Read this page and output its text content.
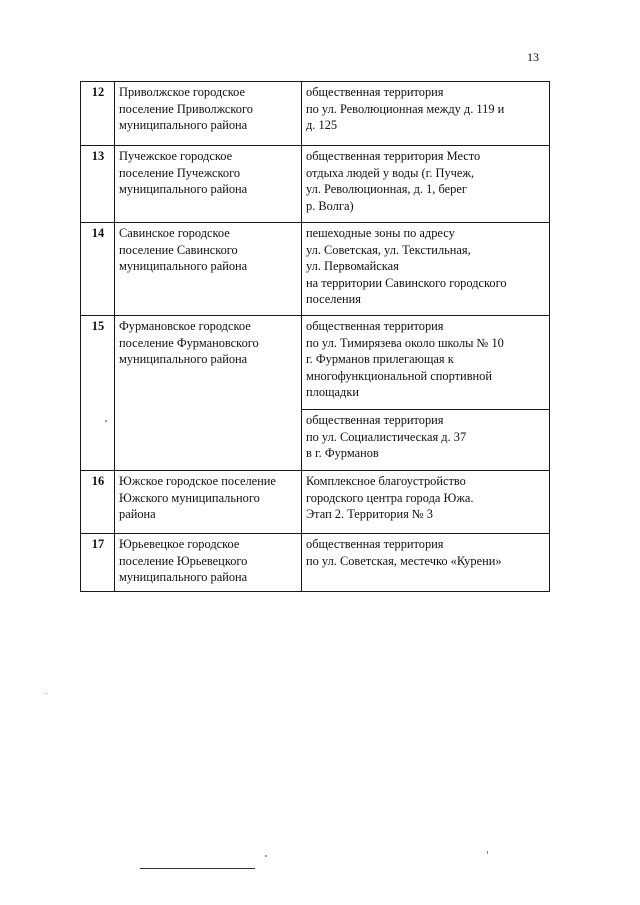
13
12	Приволжское городское
поселение Приволжского
муниципального района	общественная территория
по ул. Революционная между д. 119 и
д. 125

13	Пучежское городское
поселение Пучежского
муниципального района	общественная территория Место
отдыха людей у воды (г. Пучеж,
ул. Революционная, д. 1, берег
р. Волга)

14	Савинское городское
поселение Савинского
муниципального района	пешеходные зоны по адресу
ул. Советская, ул. Текстильная,
ул. Первомайская
на территории Савинского городского
поселения

15	Фурмановское городское
поселение Фурмановского
муниципального района	общественная территория
по ул. Тимирязева около школы № 10
г. Фурманов прилегающая к
многофункциональной спортивной
площадки

		общественная территория
по ул. Социалистическая д. 37
в г. Фурманов

16	Южское городское поселение
Южского муниципального
района	Комплексное благоустройство
городского центра города Южа.
Этап 2. Территория № 3

17	Юрьевецкое городское
поселение Юрьевецкого
муниципального района	общественная территория
по ул. Советская, местечко «Курени»
